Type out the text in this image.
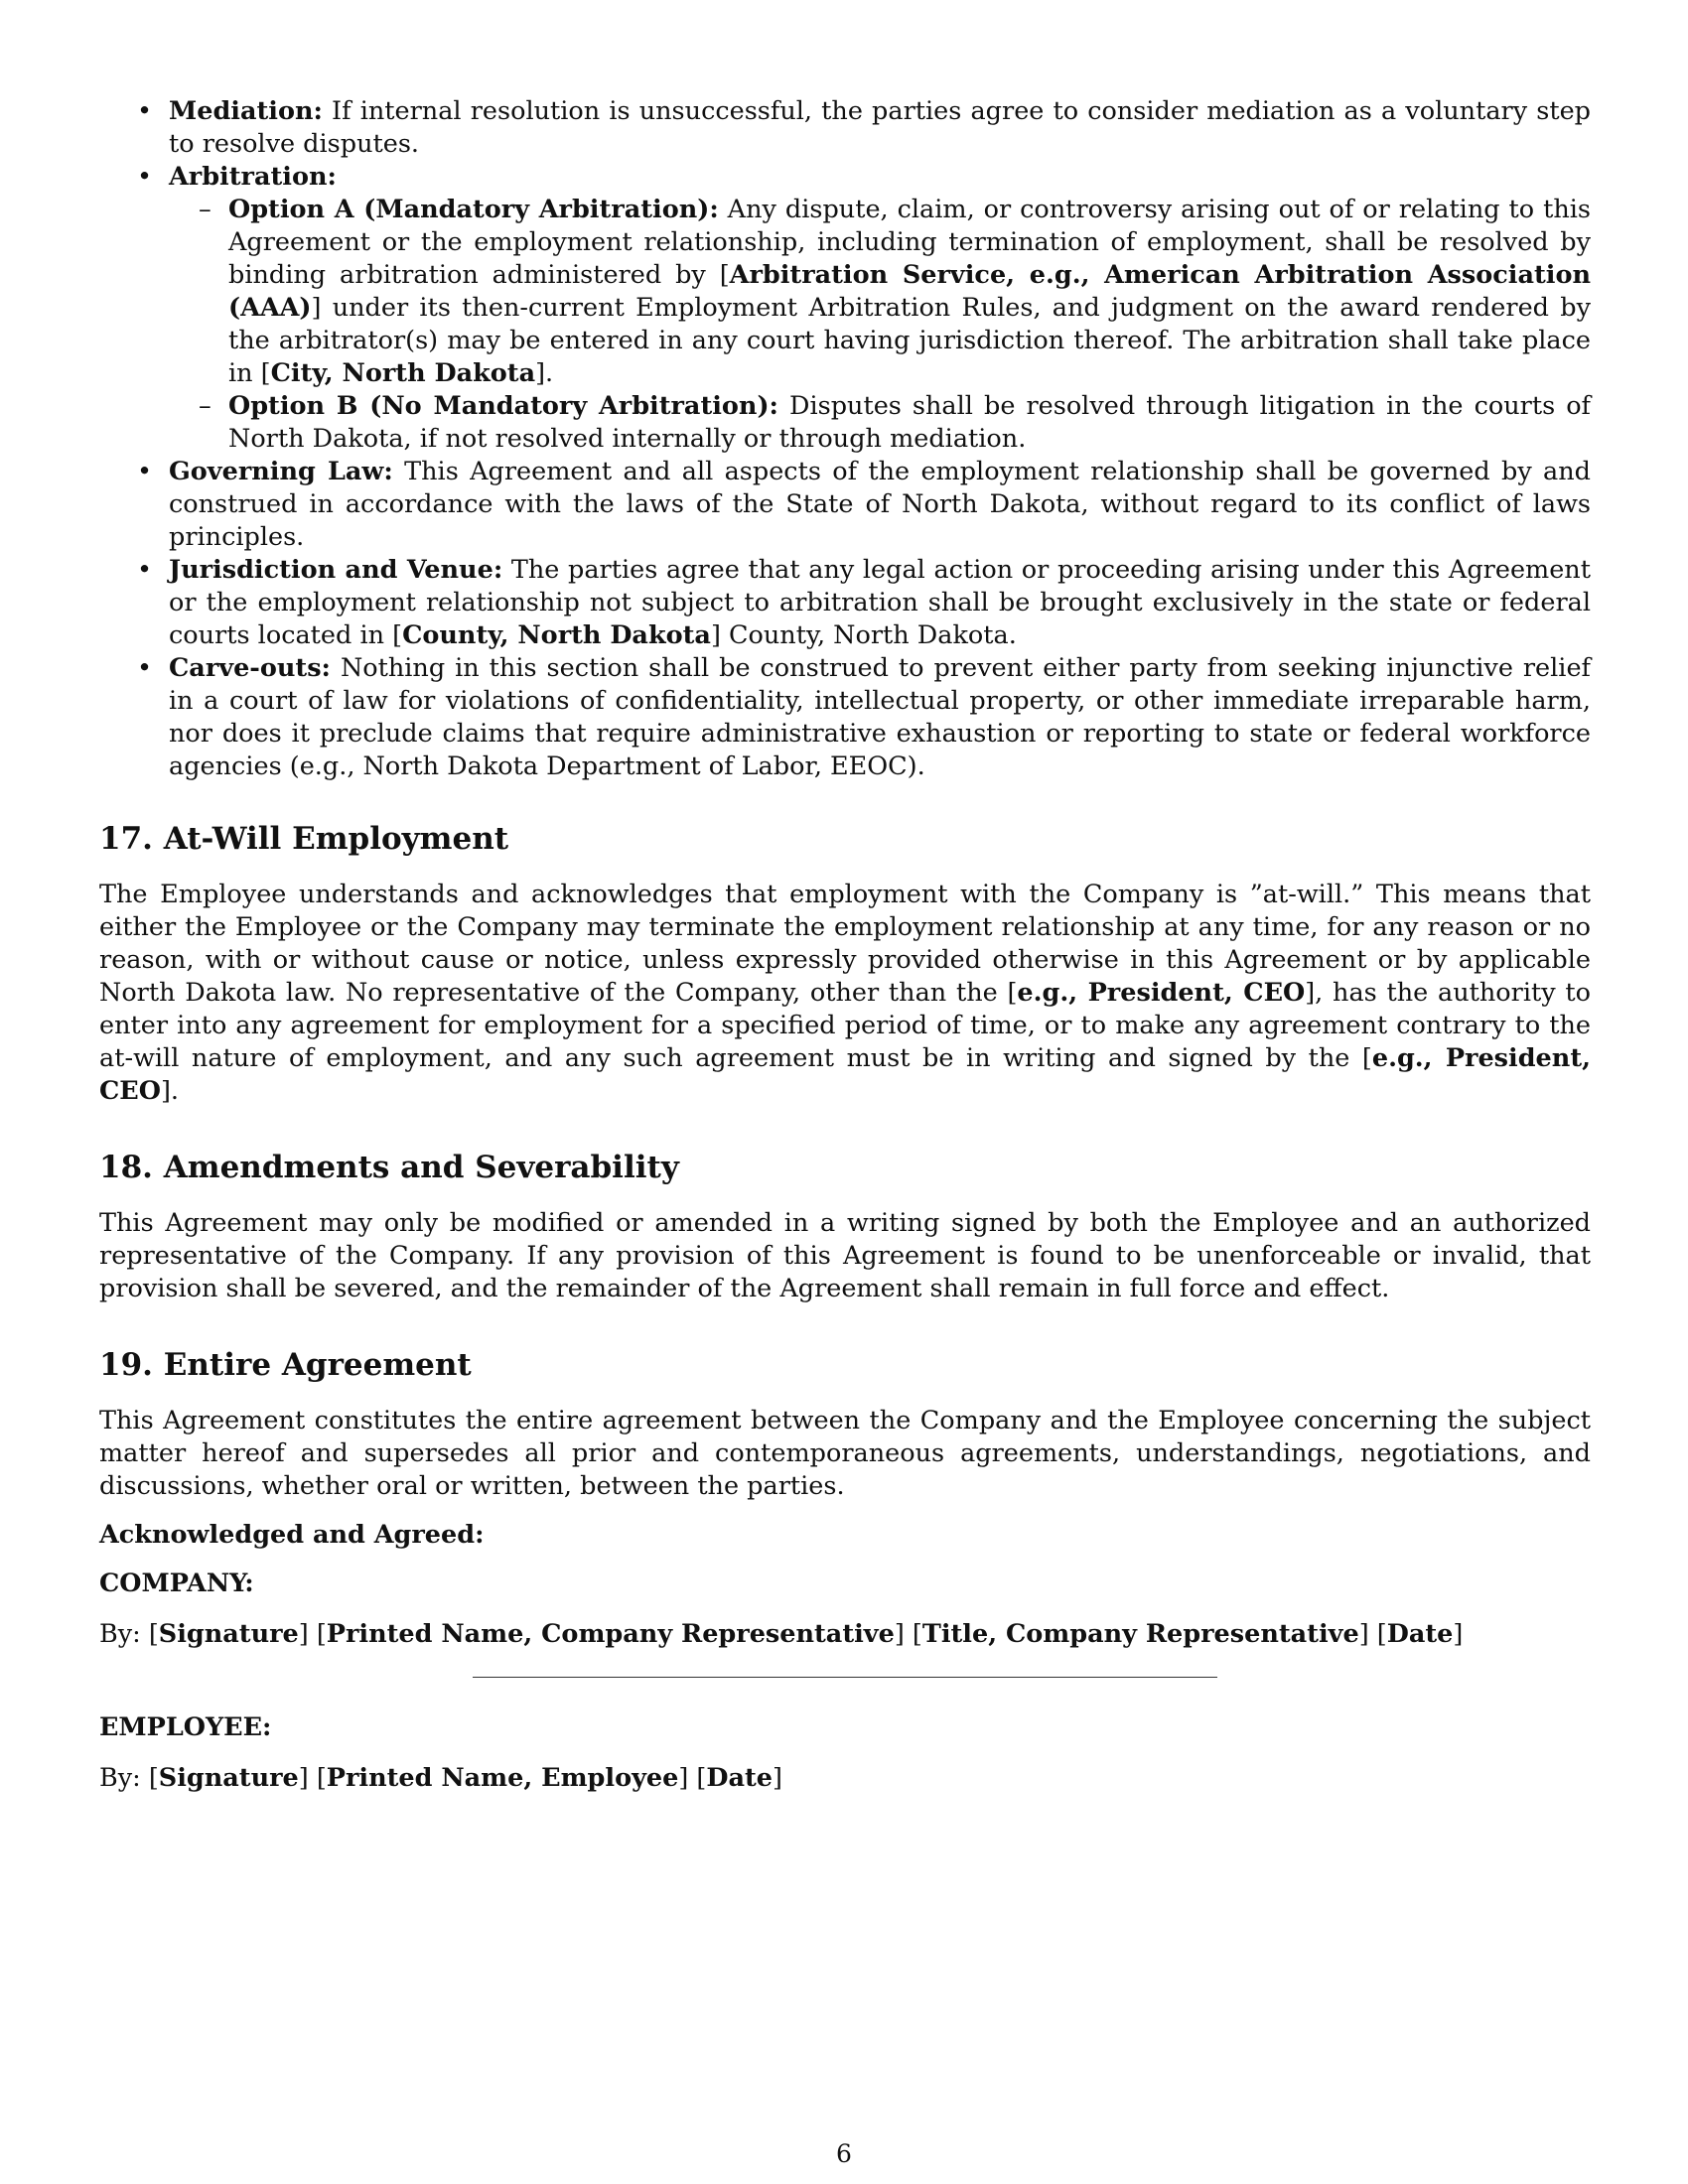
• Mediation: If internal resolution is unsuccessful, the parties agree to consider mediation as a voluntary step to resolve disputes.
• Arbitration:
– Option A (Mandatory Arbitration): Any dispute, claim, or controversy arising out of or relating to this Agreement or the employment relationship, including termination of employment, shall be resolved by binding arbitration administered by [Arbitration Service, e.g., American Arbitration Association (AAA)] under its then-current Employment Arbitration Rules, and judgment on the award rendered by the arbitrator(s) may be entered in any court having jurisdiction thereof. The arbitration shall take place in [City, North Dakota].
– Option B (No Mandatory Arbitration): Disputes shall be resolved through litigation in the courts of North Dakota, if not resolved internally or through mediation.
• Governing Law: This Agreement and all aspects of the employment relationship shall be governed by and construed in accordance with the laws of the State of North Dakota, without regard to its conflict of laws principles.
• Jurisdiction and Venue: The parties agree that any legal action or proceeding arising under this Agreement or the employment relationship not subject to arbitration shall be brought exclusively in the state or federal courts located in [County, North Dakota] County, North Dakota.
• Carve-outs: Nothing in this section shall be construed to prevent either party from seeking injunctive relief in a court of law for violations of confidentiality, intellectual property, or other immediate irreparable harm, nor does it preclude claims that require administrative exhaustion or reporting to state or federal workforce agencies (e.g., North Dakota Department of Labor, EEOC).
17. At-Will Employment

The Employee understands and acknowledges that employment with the Company is ”at-will.” This means that either the Employee or the Company may terminate the employment relationship at any time, for any reason or no reason, with or without cause or notice, unless expressly provided otherwise in this Agreement or by applicable North Dakota law. No representative of the Company, other than the [e.g., President, CEO], has the authority to enter into any agreement for employment for a specified period of time, or to make any agreement contrary to the at-will nature of employment, and any such agreement must be in writing and signed by the [e.g., President, CEO].

18. Amendments and Severability

This Agreement may only be modified or amended in a writing signed by both the Employee and an authorized representative of the Company. If any provision of this Agreement is found to be unenforceable or invalid, that provision shall be severed, and the remainder of the Agreement shall remain in full force and effect.

19. Entire Agreement

This Agreement constitutes the entire agreement between the Company and the Employee concerning the subject matter hereof and supersedes all prior and contemporaneous agreements, understandings, negotiations, and discussions, whether oral or written, between the parties.

Acknowledged and Agreed:
COMPANY:
By: [Signature] [Printed Name, Company Representative] [Title, Company Representative] [Date]
EMPLOYEE:
By: [Signature] [Printed Name, Employee] [Date]
6
